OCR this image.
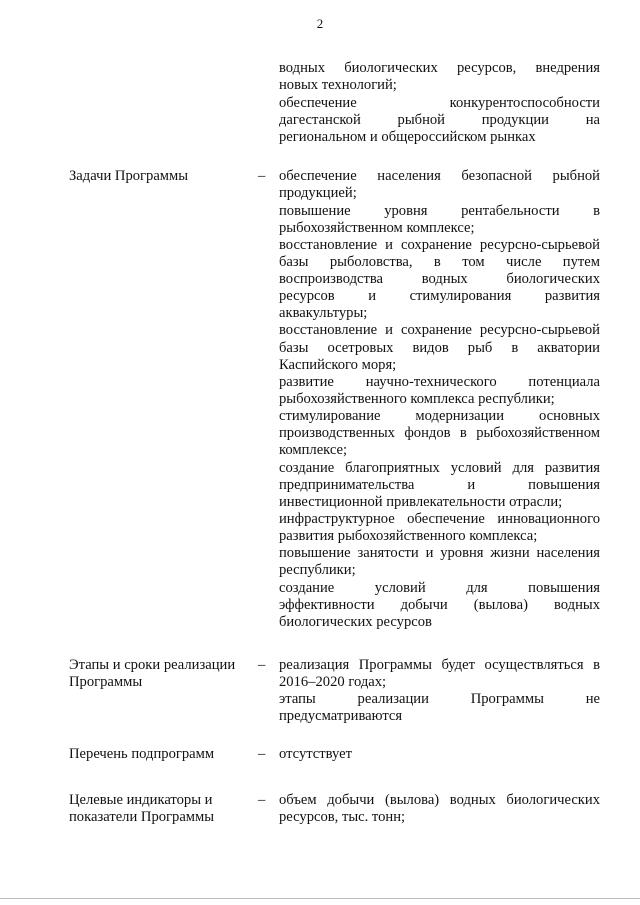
2
водных биологических ресурсов, внедрения
новых технологий;
обеспечение конкурентоспособности
дагестанской рыбной продукции на
региональном и общероссийском рынках
Задачи Программы	– обеспечение населения безопасной рыбной
продукцией;
повышение уровня рентабельности в
рыбохозяйственном комплексе;
восстановление и сохранение ресурсно-сырьевой
базы рыболовства, в том числе путем
воспроизводства водных биологических
ресурсов и стимулирования развития
аквакультуры;
восстановление и сохранение ресурсно-сырьевой
базы осетровых видов рыб в акватории
Каспийского моря;
развитие научно-технического потенциала
рыбохозяйственного комплекса республики;
стимулирование модернизации основных
производственных фондов в рыбохозяйственном
комплексе;
создание благоприятных условий для развития
предпринимательства и повышения
инвестиционной привлекательности отрасли;
инфраструктурное обеспечение инновационного
развития рыбохозяйственного комплекса;
повышение занятости и уровня жизни населения
республики;
создание условий для повышения
эффективности добычи (вылова) водных
биологических ресурсов
Этапы и сроки реализации
Программы
– реализация Программы будет осуществляться в
2016–2020 годах;
этапы реализации Программы не
предусматриваются
Перечень подпрограмм	– отсутствует
Целевые индикаторы и
показатели Программы
– объем добычи (вылова) водных биологических
ресурсов, тыс. тонн;
